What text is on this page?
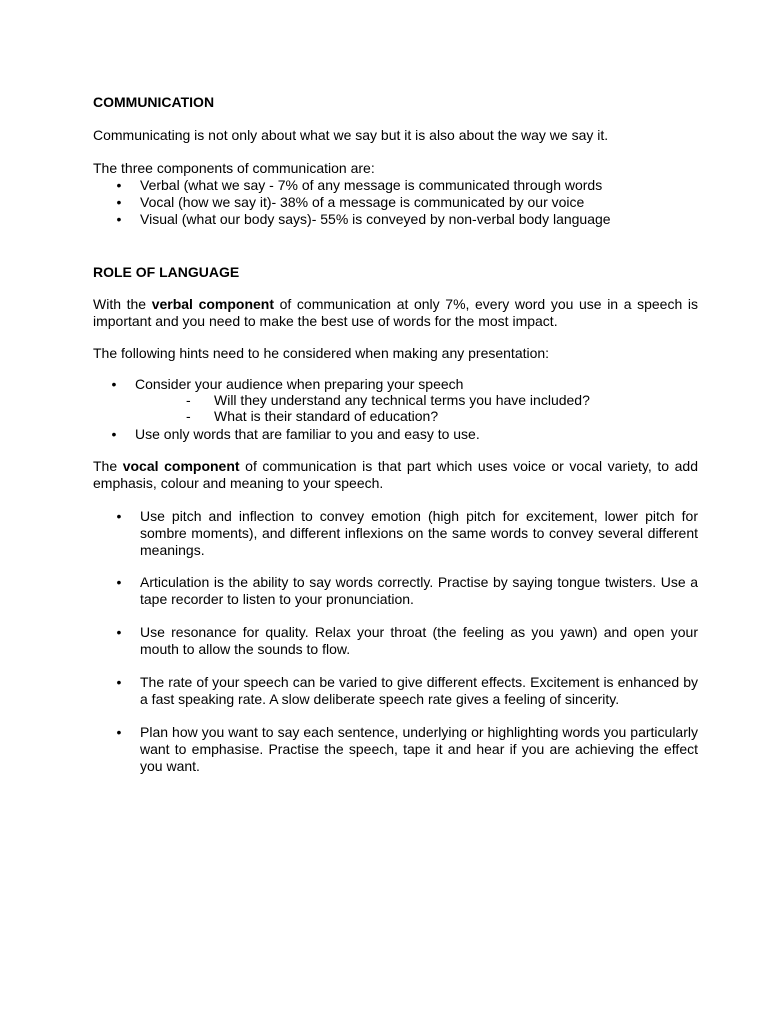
COMMUNICATION
Communicating is not only about what we say but it is also about the way we say it.
The three components of communication are:
• Verbal (what we say - 7% of any message is communicated through words
• Vocal (how we say it)- 38% of a message is communicated by our voice
• Visual (what our body says)- 55% is conveyed by non-verbal body language
ROLE OF LANGUAGE
With the verbal component of communication at only 7%, every word you use in a speech is important and you need to make the best use of words for the most impact.
The following hints need to he considered when making any presentation:
• Consider your audience when preparing your speech
- Will they understand any technical terms you have included?
- What is their standard of education?
• Use only words that are familiar to you and easy to use.
The vocal component of communication is that part which uses voice or vocal variety, to add emphasis, colour and meaning to your speech.
• Use pitch and inflection to convey emotion (high pitch for excitement, lower pitch for sombre moments), and different inflexions on the same words to convey several different meanings.
• Articulation is the ability to say words correctly. Practise by saying tongue twisters. Use a tape recorder to listen to your pronunciation.
• Use resonance for quality. Relax your throat (the feeling as you yawn) and open your mouth to allow the sounds to flow.
• The rate of your speech can be varied to give different effects. Excitement is enhanced by a fast speaking rate. A slow deliberate speech rate gives a feeling of sincerity.
• Plan how you want to say each sentence, underlying or highlighting words you particularly want to emphasise. Practise the speech, tape it and hear if you are achieving the effect you want.
